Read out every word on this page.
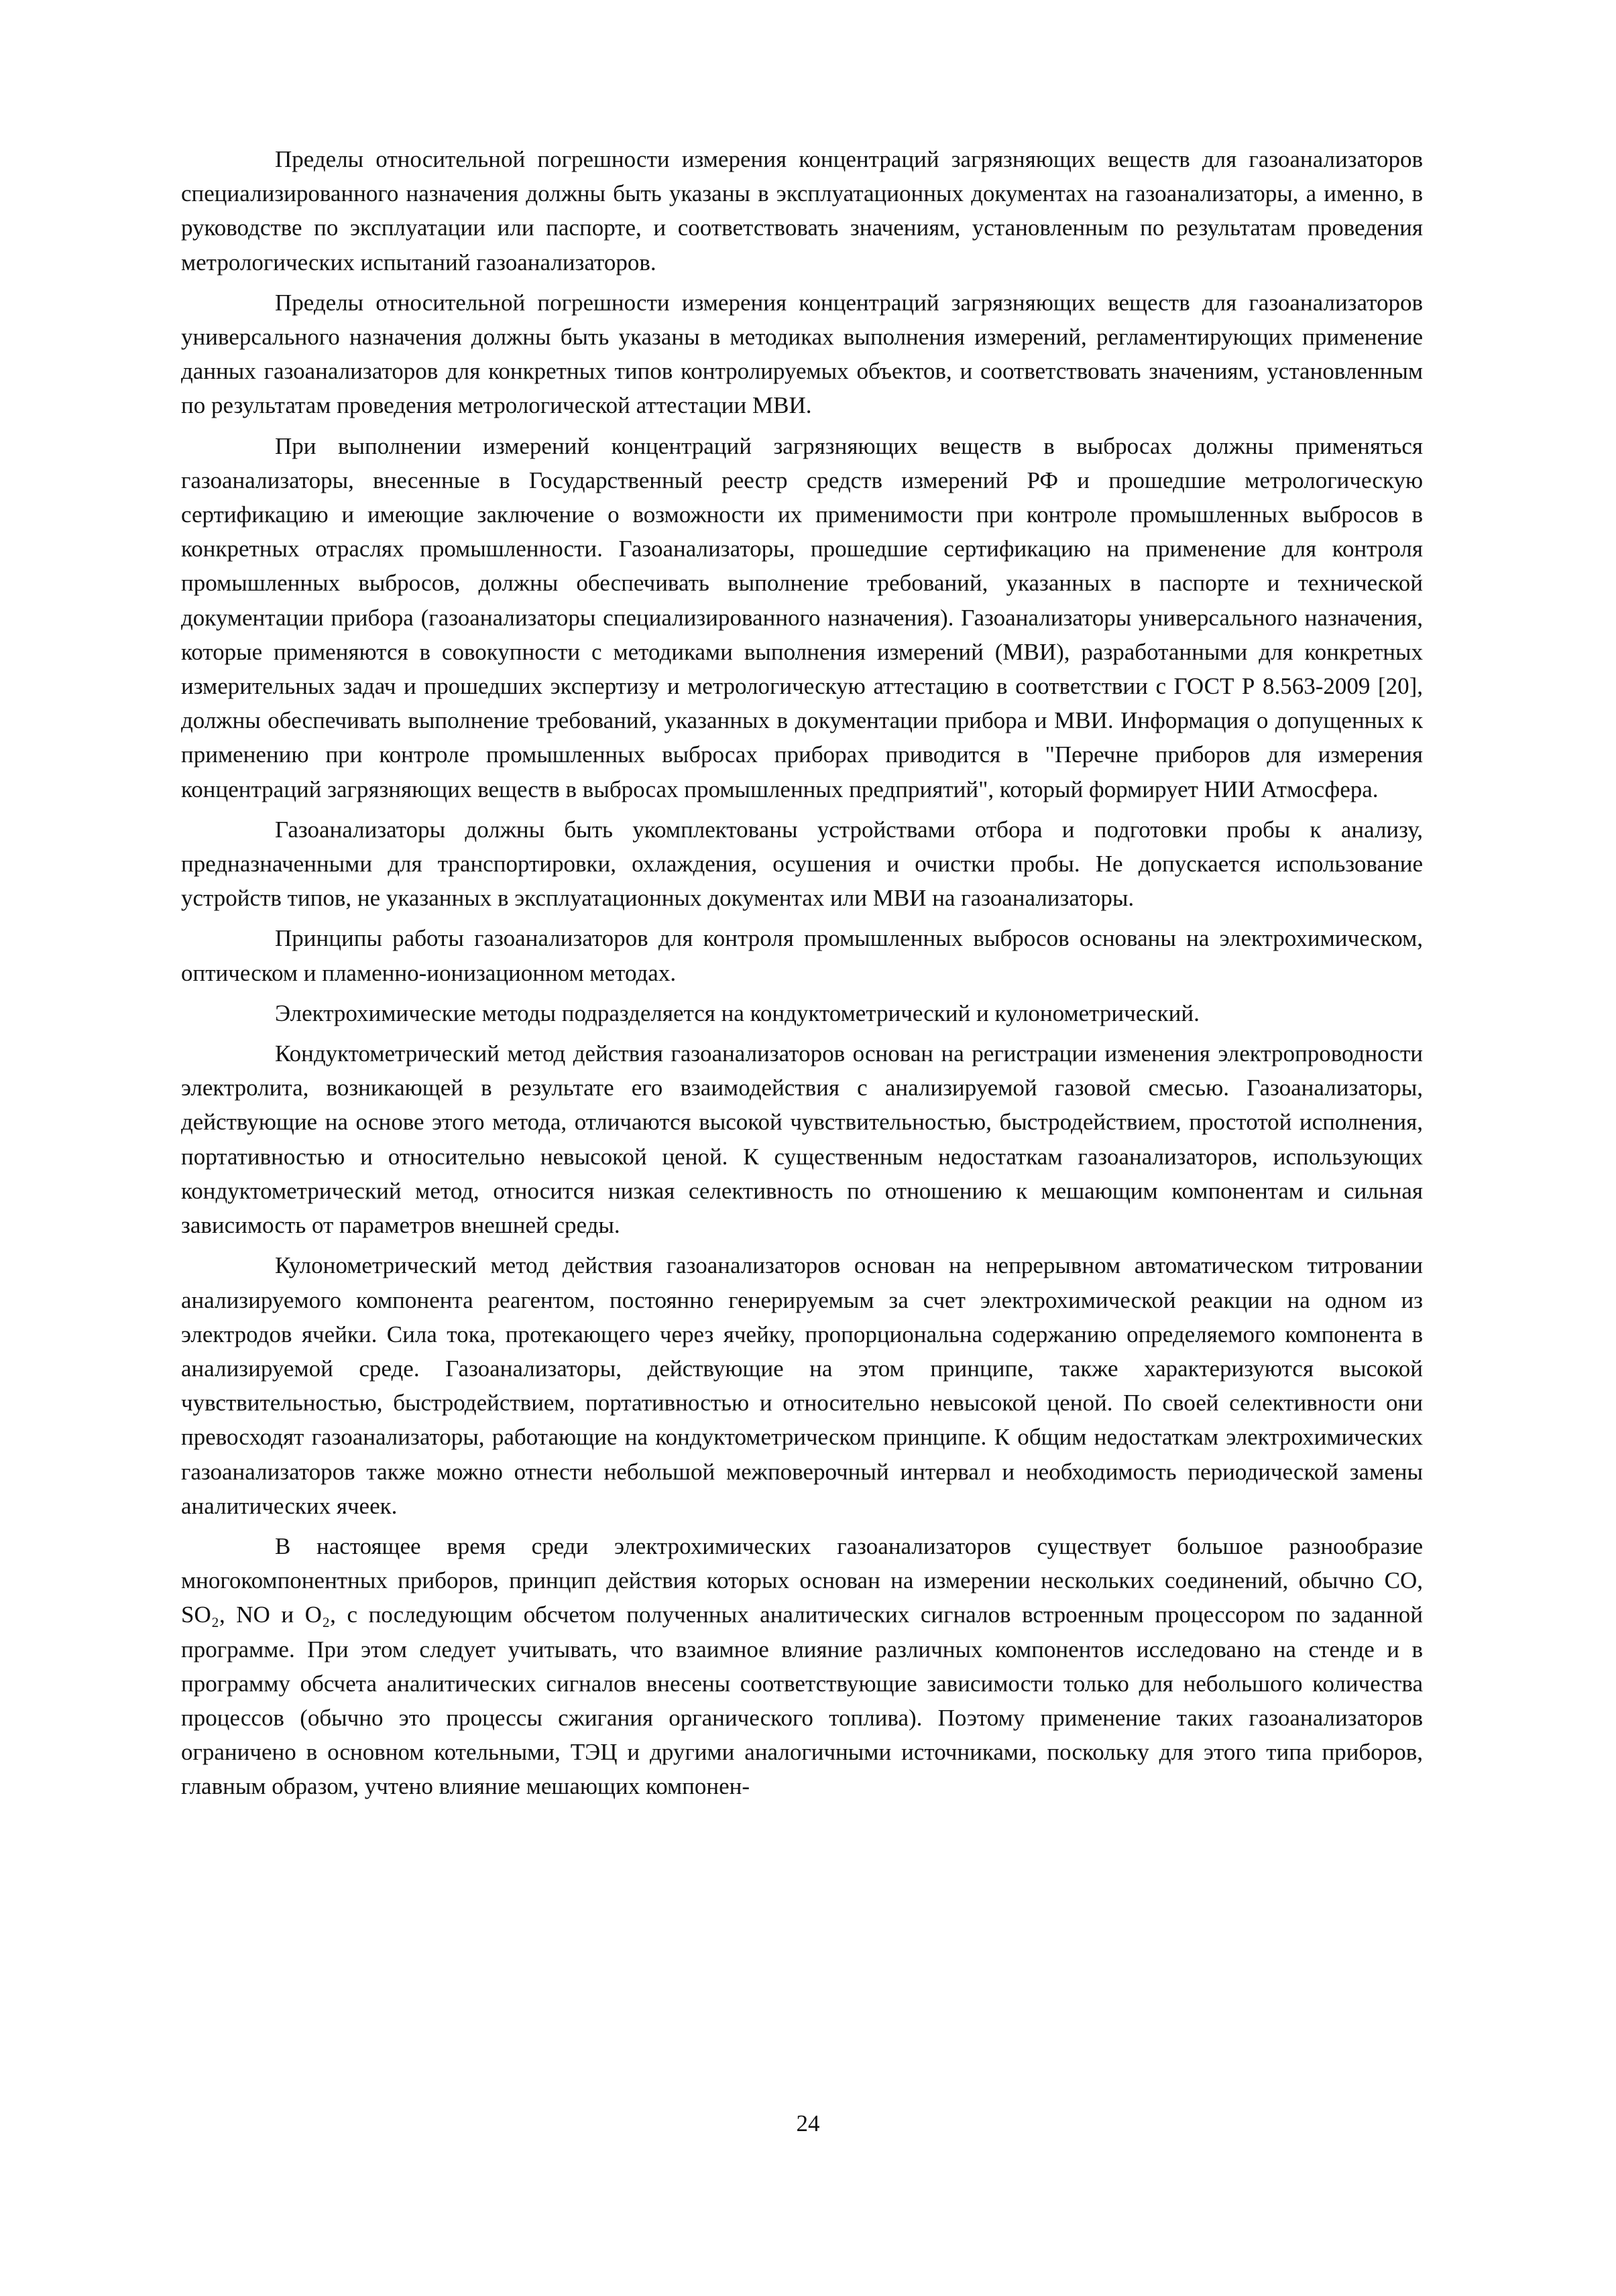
Пределы относительной погрешности измерения концентраций загрязняющих веществ для газоанализаторов специализированного назначения должны быть указаны в эксплуатационных документах на газоанализаторы, а именно, в руководстве по эксплуатации или паспорте, и соответствовать значениям, установленным по результатам проведения метрологических испытаний газоанализаторов.

Пределы относительной погрешности измерения концентраций загрязняющих веществ для газоанализаторов универсального назначения должны быть указаны в методиках выполнения измерений, регламентирующих применение данных газоанализаторов для конкретных типов контролируемых объектов, и соответствовать значениям, установленным по результатам проведения метрологической аттестации МВИ.

При выполнении измерений концентраций загрязняющих веществ в выбросах должны применяться газоанализаторы, внесенные в Государственный реестр средств измерений РФ и прошедшие метрологическую сертификацию и имеющие заключение о возможности их применимости при контроле промышленных выбросов в конкретных отраслях промышленности. Газоанализаторы, прошедшие сертификацию на применение для контроля промышленных выбросов, должны обеспечивать выполнение требований, указанных в паспорте и технической документации прибора (газоанализаторы специализированного назначения). Газоанализаторы универсального назначения, которые применяются в совокупности с методиками выполнения измерений (МВИ), разработанными для конкретных измерительных задач и прошедших экспертизу и метрологическую аттестацию в соответствии с ГОСТ Р 8.563-2009 [20], должны обеспечивать выполнение требований, указанных в документации прибора и МВИ. Информация о допущенных к применению при контроле промышленных выбросах приборах приводится в "Перечне приборов для измерения концентраций загрязняющих веществ в выбросах промышленных предприятий", который формирует НИИ Атмосфера.

Газоанализаторы должны быть укомплектованы устройствами отбора и подготовки пробы к анализу, предназначенными для транспортировки, охлаждения, осушения и очистки пробы. Не допускается использование устройств типов, не указанных в эксплуатационных документах или МВИ на газоанализаторы.

Принципы работы газоанализаторов для контроля промышленных выбросов основаны на электрохимическом, оптическом и пламенно-ионизационном методах.

Электрохимические методы подразделяется на кондуктометрический и кулонометрический.

Кондуктометрический метод действия газоанализаторов основан на регистрации изменения электропроводности электролита, возникающей в результате его взаимодействия с анализируемой газовой смесью. Газоанализаторы, действующие на основе этого метода, отличаются высокой чувствительностью, быстродействием, простотой исполнения, портативностью и относительно невысокой ценой. К существенным недостаткам газоанализаторов, использующих кондуктометрический метод, относится низкая селективность по отношению к мешающим компонентам и сильная зависимость от параметров внешней среды.

Кулонометрический метод действия газоанализаторов основан на непрерывном автоматическом титровании анализируемого компонента реагентом, постоянно генерируемым за счет электрохимической реакции на одном из электродов ячейки. Сила тока, протекающего через ячейку, пропорциональна содержанию определяемого компонента в анализируемой среде. Газоанализаторы, действующие на этом принципе, также характеризуются высокой чувствительностью, быстродействием, портативностью и относительно невысокой ценой. По своей селективности они превосходят газоанализаторы, работающие на кондуктометрическом принципе. К общим недостаткам электрохимических газоанализаторов также можно отнести небольшой межповерочный интервал и необходимость периодической замены аналитических ячеек.

В настоящее время среди электрохимических газоанализаторов существует большое разнообразие многокомпонентных приборов, принцип действия которых основан на измерении нескольких соединений, обычно CO, SO₂, NO и O₂, с последующим обсчетом полученных аналитических сигналов встроенным процессором по заданной программе. При этом следует учитывать, что взаимное влияние различных компонентов исследовано на стенде и в программу обсчета аналитических сигналов внесены соответствующие зависимости только для небольшого количества процессов (обычно это процессы сжигания органического топлива). Поэтому применение таких газоанализаторов ограничено в основном котельными, ТЭЦ и другими аналогичными источниками, поскольку для этого типа приборов, главным образом, учтено влияние мешающих компонен-

24
